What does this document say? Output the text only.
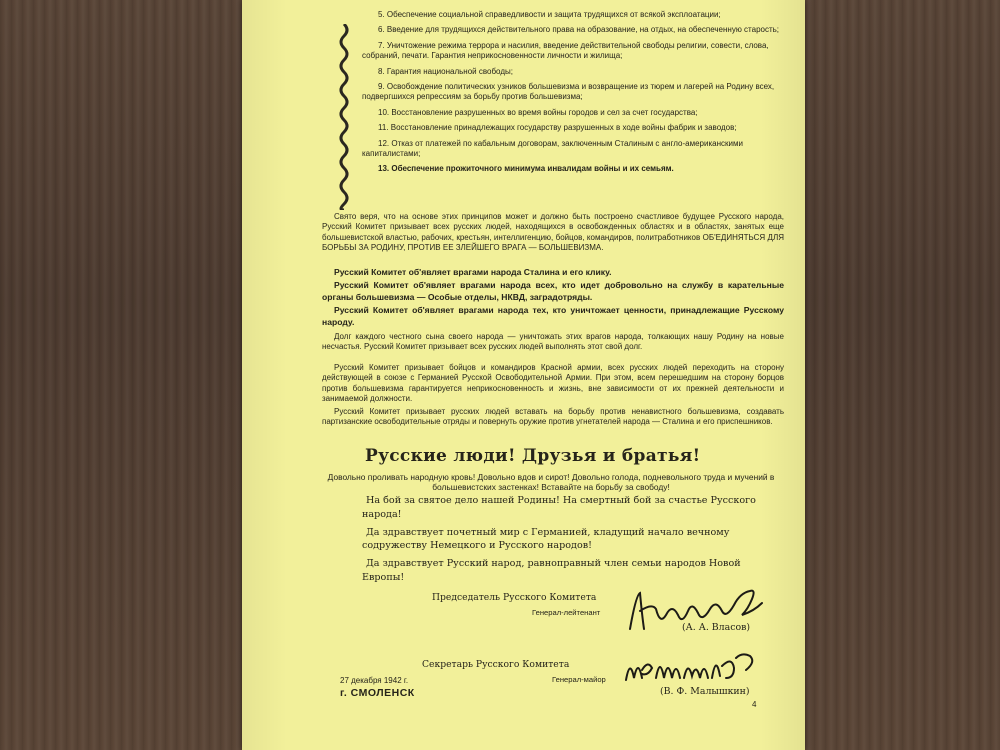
5. Обеспечение социальной справедливости и защита трудящихся от всякой эксплоатации;

6. Введение для трудящихся действительного права на образование, на отдых, на обеспеченную старость;

7. Уничтожение режима террора и насилия, введение действительной свободы религии, совести, слова, собраний, печати. Гарантия неприкосновенности личности и жилища;

8. Гарантия национальной свободы;

9. Освобождение политических узников большевизма и возвращение из тюрем и лагерей на Родину всех, подвергшихся репрессиям за борьбу против большевизма;

10. Восстановление разрушенных во время войны городов и сел за счет государства;

11. Восстановление принадлежащих государству разрушенных в ходе войны фабрик и заводов;

12. Отказ от платежей по кабальным договорам, заключенным Сталиным с англо-американскими капиталистами;

13. Обеспечение прожиточного минимума инвалидам войны и их семьям.

Свято веря, что на основе этих принципов может и должно быть построено счастливое будущее Русского народа, Русский Комитет призывает всех русских людей, находящихся в освобожденных областях и в областях, занятых еще большевистской властью, рабочих, крестьян, интеллигенцию, бойцов, командиров, политработников ОБ'ЕДИНЯТЬСЯ ДЛЯ БОРЬБЫ ЗА РОДИНУ, ПРОТИВ ЕЕ ЗЛЕЙШЕГО ВРАГА — БОЛЬШЕВИЗМА.

Русский Комитет об'являет врагами народа Сталина и его клику.

Русский Комитет об'являет врагами народа всех, кто идет добровольно на службу в карательные органы большевизма — Особые отделы, НКВД, заградотряды.

Русский Комитет об'являет врагами народа тех, кто уничтожает ценности, принадлежащие Русскому народу.

Долг каждого честного сына своего народа — уничтожать этих врагов народа, толкающих нашу Родину на новые несчастья. Русский Комитет призывает всех русских людей выполнять этот свой долг.

Русский Комитет призывает бойцов и командиров Красной армии, всех русских людей переходить на сторону действующей в союзе с Германией Русской Освободительной Армии. При этом, всем перешедшим на сторону борцов против большевизма гарантируется неприкосновенность и жизнь, вне зависимости от их прежней деятельности и занимаемой должности.

Русский Комитет призывает русских людей вставать на борьбу против ненавистного большевизма, создавать партизанские освободительные отряды и повернуть оружие против угнетателей народа — Сталина и его приспешников.

Русские люди! Друзья и братья!

Довольно проливать народную кровь! Довольно вдов и сирот! Довольно голода, подневольного труда и мучений в большевистских застенках! Вставайте на борьбу за свободу!

На бой за святое дело нашей Родины! На смертный бой за счастье Русского народа!

Да здравствует почетный мир с Германией, кладущий начало вечному содружеству Немецкого и Русского народов!

Да здравствует Русский народ, равноправный член семьи народов Новой Европы!

Председатель Русского Комитета

Генерал-лейтенант

(А. А. Власов)

Секретарь Русского Комитета

Генерал-майор

(В. Ф. Малышкин)

27 декабря 1942 г.

г. СМОЛЕНСК

4
